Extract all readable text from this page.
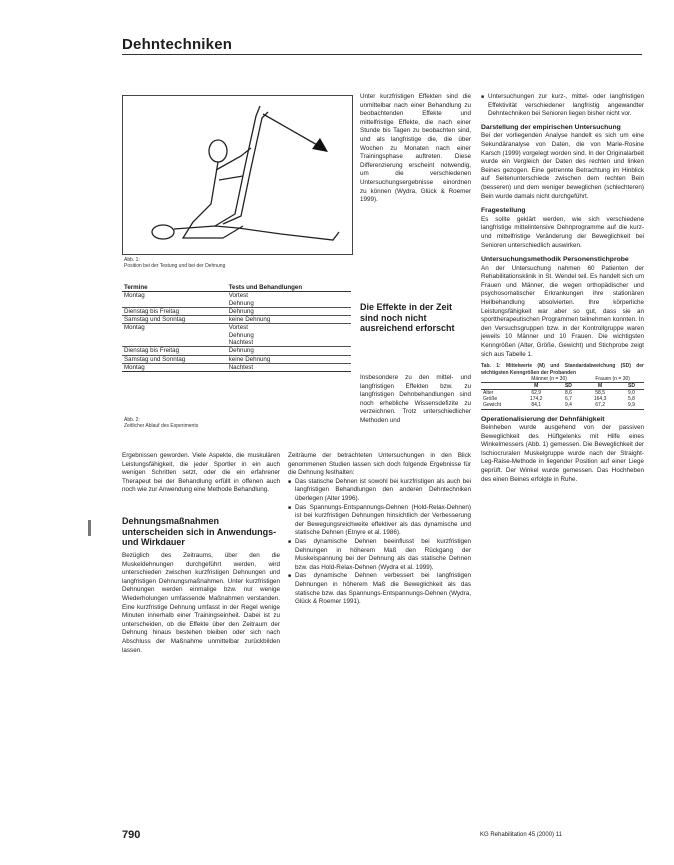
Dehntechniken
Abb. 1:
Position bei der Testung und bei der Dehnung
Termine	Tests und Behandlungen
Montag	Vortest
Dehnung

Dienstag bis Freitag	Dehnung
Samstag und Sonntag	keine Dehnung
Montag	Vortest
Dehnung
Nachtest

Dienstag bis Freitag	Dehnung
Samstag und Sonntag	keine Dehnung
Montag	Nachtest
Abb. 2:
Zeitlicher Ablauf des Experiments
Ergebnissen geworden. Viele Aspekte, die muskulären Leistungsfähigkeit, die jeder Sportler in ein auch wenigen Schritten setzt, oder die ein erfahrener Therapeut bei der Behandlung erfüllt in offenen auch noch wie zur Anwendung eine Methode Behandlung.
Dehnungsmaßnahmen unterscheiden sich in Anwendungs- und Wirkdauer
Bezüglich des Zeitraums, über den die Muskeldehnungen durchgeführt werden, wird unterschieden zwischen kurzfristigen Dehnungen und langfristigen Dehnungsmaßnahmen. Unter kurzfristigen Dehnungen werden einmalige bzw. nur wenige Wiederholungen umfassende Maßnahmen verstanden. Eine kurzfristige Dehnung umfasst in der Regel wenige Minuten innerhalb einer Trainingseinheit. Dabei ist zu unterscheiden, ob die Effekte über den Zeitraum der Dehnung hinaus bestehen bleiben oder sich nach Abschluss der Maßnahme unmittelbar zurückbilden lassen.
Unter kurzfristigen Effekten sind die unmittelbar nach einer Behandlung zu beobachtenden Effekte und mittelfristige Effekte, die nach einer Stunde bis Tagen zu beobachten sind, und als langfristige die, die über Wochen zu Monaten nach einer Trainingsphase auftreten. Diese Differenzierung erscheint notwendig, um die verschiedenen Untersuchungsergebnisse einordnen zu können (Wydra, Glück & Roemer 1999).
Die Effekte in der Zeit sind noch nicht ausreichend erforscht
Insbesondere zu den mittel- und langfristigen Effekten bzw. zu langfristigen Dehnbehandlungen sind noch erhebliche Wissensdefizite zu verzeichnen. Trotz unterschiedlicher Methoden und
Zeiträume der betrachteten Untersuchungen in den Blick genommenen Studien lassen sich doch folgende Ergebnisse für die Dehnung festhalten:
■ Das statische Dehnen ist sowohl bei kurzfristigen als auch bei langfristigen Behandlungen den anderen Dehntechniken überlegen (Alter 1996).
■ Das Spannungs-Entspannungs-Dehnen (Hold-Relax-Dehnen) ist bei kurzfristigen Dehnungen hinsichtlich der Verbesserung der Bewegungsreichweite effektiver als das dynamische und statische Dehnen (Etnyre et al. 1986).
■ Das dynamische Dehnen beeinflusst bei kurzfristigen Dehnungen in höherem Maß den Rückgang der Muskelspannung bei der Dehnung als das statische Dehnen bzw. das Hold-Relax-Dehnen (Wydra et al. 1999).
■ Das dynamische Dehnen verbessert bei langfristigen Dehnungen in höherem Maß die Beweglichkeit als das statische bzw. das Spannungs-Entspannungs-Dehnen (Wydra, Glück & Roemer 1991).
■ Untersuchungen zur kurz-, mittel- oder langfristigen Effektivität verschiedener langfristig angewandter Dehntechniken bei Senioren liegen bisher nicht vor.
Darstellung der empirischen Untersuchung
Bei der vorliegenden Analyse handelt es sich um eine Sekundäranalyse von Daten, die von Marie-Rosine Karsch (1999) vorgelegt worden sind. In der Originalarbeit wurde ein Vergleich der Daten des rechten und linken Beines gezogen. Eine getrennte Betrachtung im Hinblick auf Seitenunterschiede zwischen dem rechten Bein (besseren) und dem weniger beweglichen (schlechteren) Bein wurde damals nicht durchgeführt.
Fragestellung
Es sollte geklärt werden, wie sich verschiedene langfristige mittelintensive Dehnprogramme auf die kurz- und mittelfristige Veränderung der Beweglichkeit bei Senioren unterschiedlich auswirken.
Untersuchungsmethodik Personenstichprobe
An der Untersuchung nahmen 60 Patienten der Rehabilitationsklinik in St. Wendel teil. Es handelt sich um Frauen und Männer, die wegen orthopädischer und psychosomatischer Erkrankungen ihre stationären Heilbehandlung absolvierten. Ihre körperliche Leistungsfähigkeit war aber so gut, dass sie an sporttherapeutischen Programmen teilnehmen konnten. In den Versuchsgruppen bzw. in der Kontrollgruppe waren jeweils 10 Männer und 10 Frauen. Die wichtigsten Kenngrößen (Alter, Größe, Gewicht) und Stichprobe zeigt sich aus Tabelle 1.
Tab. 1: Mittelwerte (M) und Standardabweichung (SD) der wichtigsten Kenngrößen der Probanden
	Männer (n = 30)		Frauen (n = 30)	
	M	SD	M	SD
Alter	62,9	8,6	58,5	9,0
Größe	174,2	6,7	164,3	5,8
Gewicht	84,1	9,4	67,2	9,9
Operationalisierung der Dehnfähigkeit
Beinheben wurde ausgehend von der passiven Beweglichkeit des Hüftgelenks mit Hilfe eines Winkelmessers (Abb. 1) gemessen. Die Beweglichkeit der Ischiocruralen Muskelgruppe wurde nach der Straight-Leg-Raise-Methode in liegender Position auf einer Liege geprüft. Der Winkel wurde gemessen. Das Hochheben des einen Beines erfolgte in Ruhe.
790	KG Rehabilitation 45 (2000) 11
